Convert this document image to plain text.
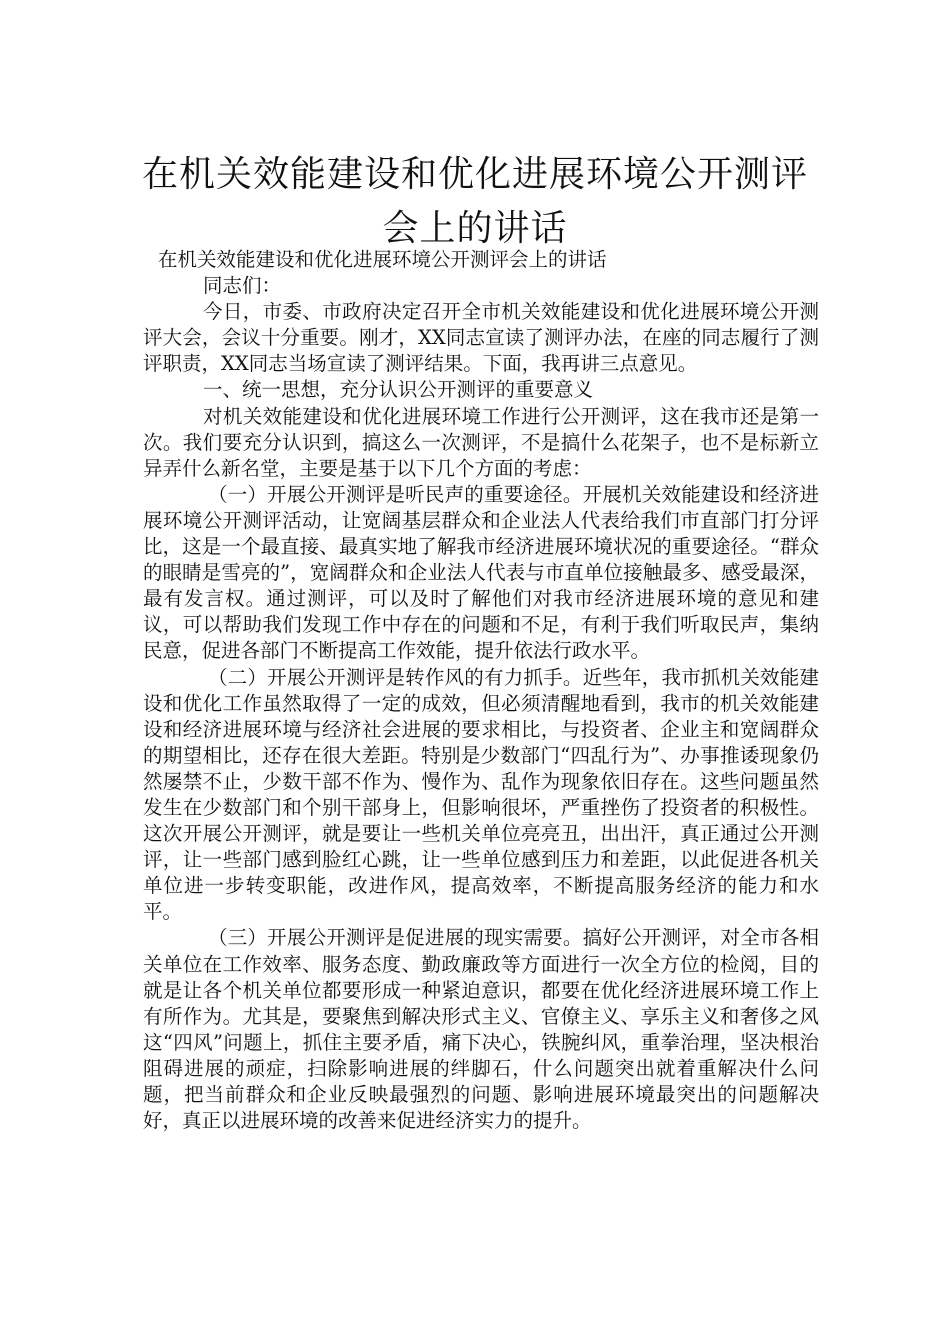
在机关效能建设和优化进展环境公开测评
会上的讲话

在机关效能建设和优化进展环境公开测评会上的讲话

同志们：

今日，市委、市政府决定召开全市机关效能建设和优化进展环境公开测评大会，会议十分重要。刚才，XX同志宣读了测评办法，在座的同志履行了测评职责，XX同志当场宣读了测评结果。下面，我再讲三点意见。

一、统一思想，充分认识公开测评的重要意义

对机关效能建设和优化进展环境工作进行公开测评，这在我市还是第一次。我们要充分认识到，搞这么一次测评，不是搞什么花架子，也不是标新立异弄什么新名堂，主要是基于以下几个方面的考虑：

（一）开展公开测评是听民声的重要途径。开展机关效能建设和经济进展环境公开测评活动，让宽阔基层群众和企业法人代表给我们市直部门打分评比，这是一个最直接、最真实地了解我市经济进展环境状况的重要途径。“群众的眼睛是雪亮的”，宽阔群众和企业法人代表与市直单位接触最多、感受最深，最有发言权。通过测评，可以及时了解他们对我市经济进展环境的意见和建议，可以帮助我们发现工作中存在的问题和不足，有利于我们听取民声，集纳民意，促进各部门不断提高工作效能，提升依法行政水平。

（二）开展公开测评是转作风的有力抓手。近些年，我市抓机关效能建设和优化工作虽然取得了一定的成效，但必须清醒地看到，我市的机关效能建设和经济进展环境与经济社会进展的要求相比，与投资者、企业主和宽阔群众的期望相比，还存在很大差距。特别是少数部门“四乱行为”、办事推诿现象仍然屡禁不止，少数干部不作为、慢作为、乱作为现象依旧存在。这些问题虽然发生在少数部门和个别干部身上，但影响很坏，严重挫伤了投资者的积极性。这次开展公开测评，就是要让一些机关单位亮亮丑，出出汗，真正通过公开测评，让一些部门感到脸红心跳，让一些单位感到压力和差距，以此促进各机关单位进一步转变职能，改进作风，提高效率，不断提高服务经济的能力和水平。

（三）开展公开测评是促进展的现实需要。搞好公开测评，对全市各相关单位在工作效率、服务态度、勤政廉政等方面进行一次全方位的检阅，目的就是让各个机关单位都要形成一种紧迫意识，都要在优化经济进展环境工作上有所作为。尤其是，要聚焦到解决形式主义、官僚主义、享乐主义和奢侈之风这“四风”问题上，抓住主要矛盾，痛下决心，铁腕纠风，重拳治理，坚决根治阻碍进展的顽症，扫除影响进展的绊脚石，什么问题突出就着重解决什么问题，把当前群众和企业反映最强烈的问题、影响进展环境最突出的问题解决好，真正以进展环境的改善来促进经济实力的提升。
